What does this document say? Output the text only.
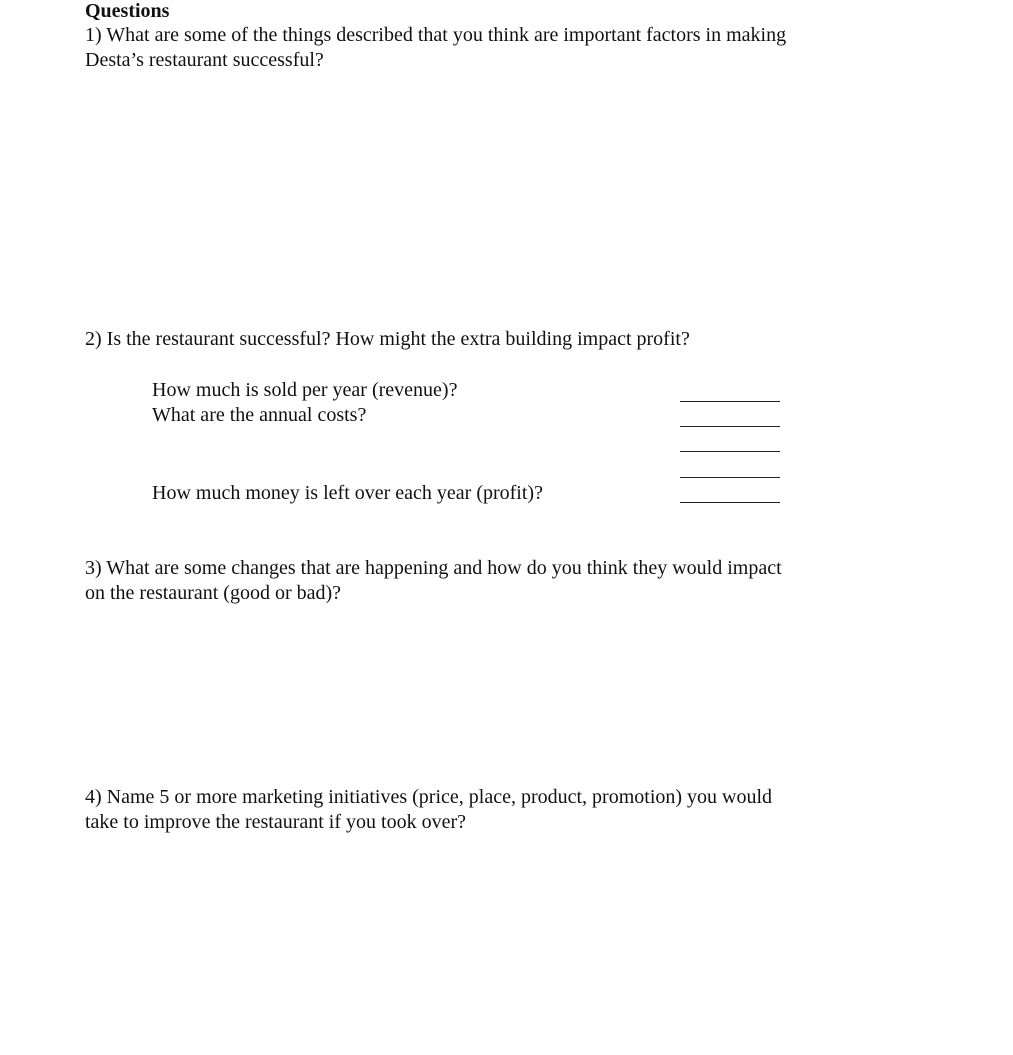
Questions
1) What are some of the things described that you think are important factors in making
Desta’s restaurant successful?
2) Is the restaurant successful? How might the extra building impact profit?
How much is sold per year (revenue)?
What are the annual costs?
How much money is left over each year (profit)?
3) What are some changes that are happening and how do you think they would impact
on the restaurant (good or bad)?
4) Name 5 or more marketing initiatives (price, place, product, promotion) you would
take to improve the restaurant if you took over?
